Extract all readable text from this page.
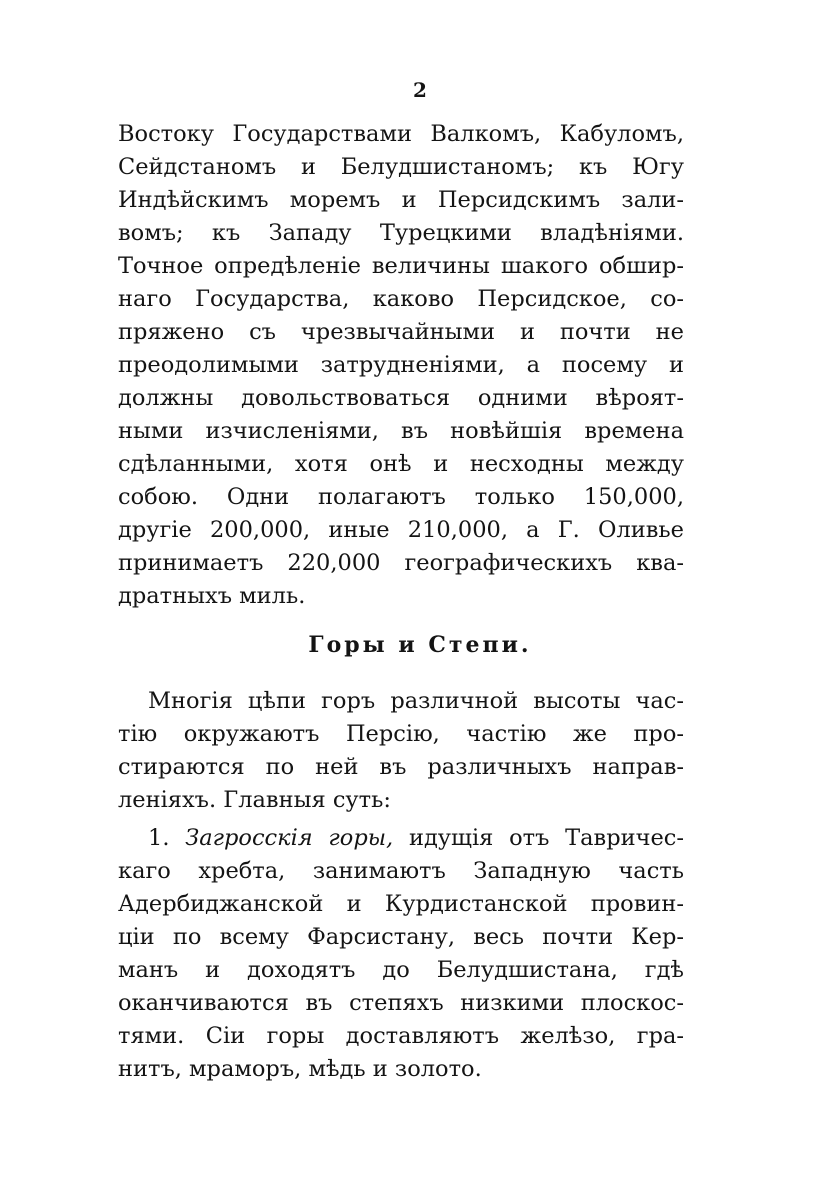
2
Востоку Государствами Валкомъ, Кабуломъ,
Сейдстаномъ и Белудшистаномъ; къ Югу
Индѣйскимъ моремъ и Персидскимъ зали-
вомъ; къ Западу Турецкими владѣніями.
Точное опредѣленіе величины шакого обшир-
наго Государства, каково Персидское, со-
пряжено съ чрезвычайными и почти не
преодолимыми затрудненіями, а посему и
должны довольствоваться одними вѣроят-
ными изчисленіями, въ новѣйшія времена
сдѣланными, хотя онѣ и несходны между
собою. Одни полагаютъ только 150,000,
другіе 200,000, иные 210,000, а Г. Оливье
принимаетъ 220,000 географическихъ ква-
дратныхъ миль.
Горы и Степи.
Многія цѣпи горъ различной высоты час-
тію окружаютъ Персію, частію же про-
стираются по ней въ различныхъ направ-
леніяхъ. Главныя суть:
1. Загросскія горы, идущія отъ Тавричес-
каго хребта, занимаютъ Западную часть
Адербиджанской и Курдистанской провин-
ціи по всему Фарсистану, весь почти Кер-
манъ и доходятъ до Белудшистана, гдѣ
оканчиваются въ степяхъ низкими плоскос-
тями. Сіи горы доставляютъ желѣзо, гра-
нитъ, мраморъ, мѣдь и золото.
